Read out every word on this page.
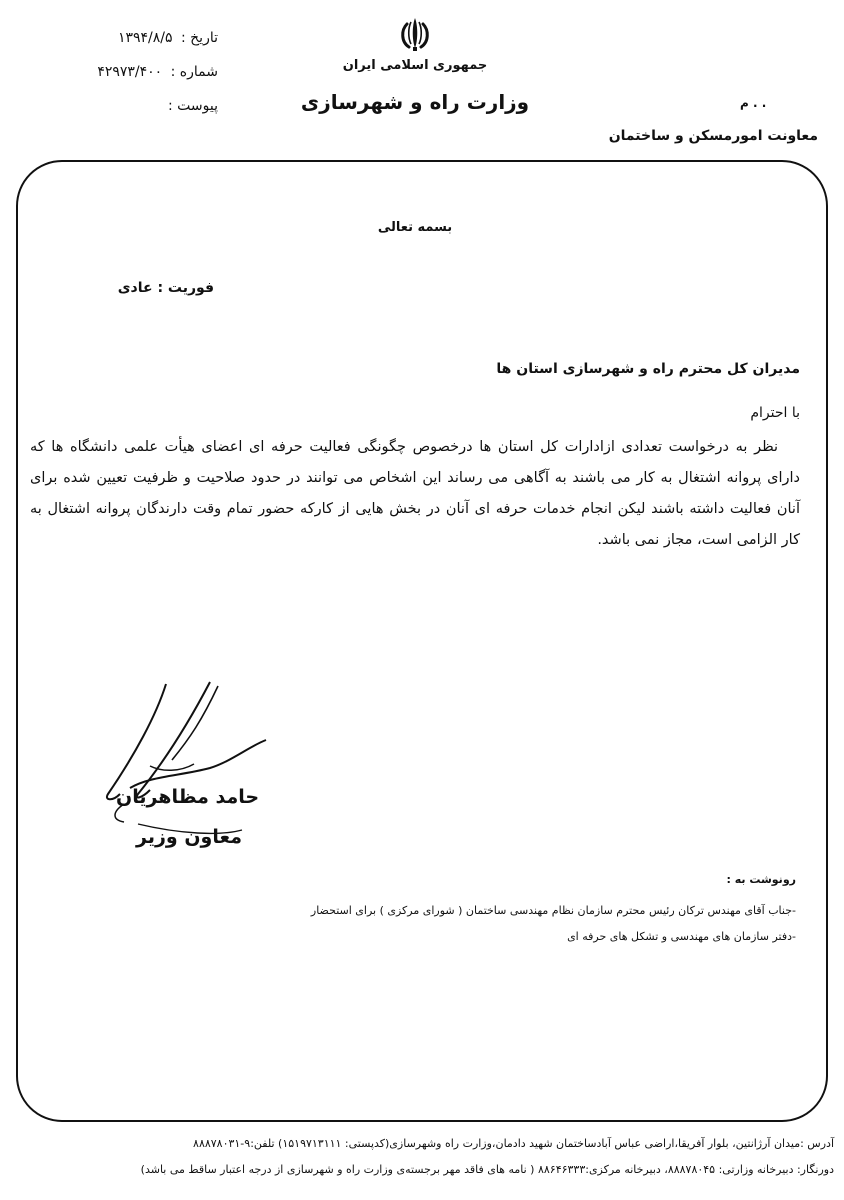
جمهوری اسلامی ایران
وزارت راه و شهرسازی
معاونت امورمسکن و ساختمان
م . .
تاریخ : ۱۳۹۴/۸/۵
شماره : ۴۲۹۷۳/۴۰۰
پیوست :
بسمه تعالی
فوریت : عادی
مدیران کل محترم راه و شهرسازی استان ها
با احترام

نظر به درخواست تعدادی ازادارات کل استان ها درخصوص چگونگی فعالیت حرفه ای اعضای هیأت علمی دانشگاه ها که دارای پروانه اشتغال به کار می باشند به آگاهی می رساند این اشخاص می توانند در حدود صلاحیت و ظرفیت تعیین شده برای آنان فعالیت داشته باشند لیکن انجام خدمات حرفه ای آنان در بخش هایی از کارکه حضور تمام وقت دارندگان پروانه اشتغال به کار الزامی است، مجاز نمی باشد.

حامد مظاهریان
معاون وزیر
رونوشت به :
-جناب آقای مهندس ترکان رئیس محترم سازمان نظام مهندسی ساختمان ( شورای مرکزی ) برای استحضار
-دفتر سازمان های مهندسی و تشکل های حرفه ای
آدرس :میدان آرژانتین، بلوار آفریقا،اراضی عباس آبادساختمان شهید دادمان،وزارت راه وشهرسازی(کدپستی: ۱۵۱۹۷۱۳۱۱۱) تلفن:۹-۸۸۸۷۸۰۳۱
دورنگار: دبیرخانه وزارتی: ۸۸۸۷۸۰۴۵، دبیرخانه مرکزی:۸۸۶۴۶۳۳۳ ( نامه های فاقد مهر برجسته‌ی وزارت راه و شهرسازی از درجه اعتبار ساقط می باشد)
